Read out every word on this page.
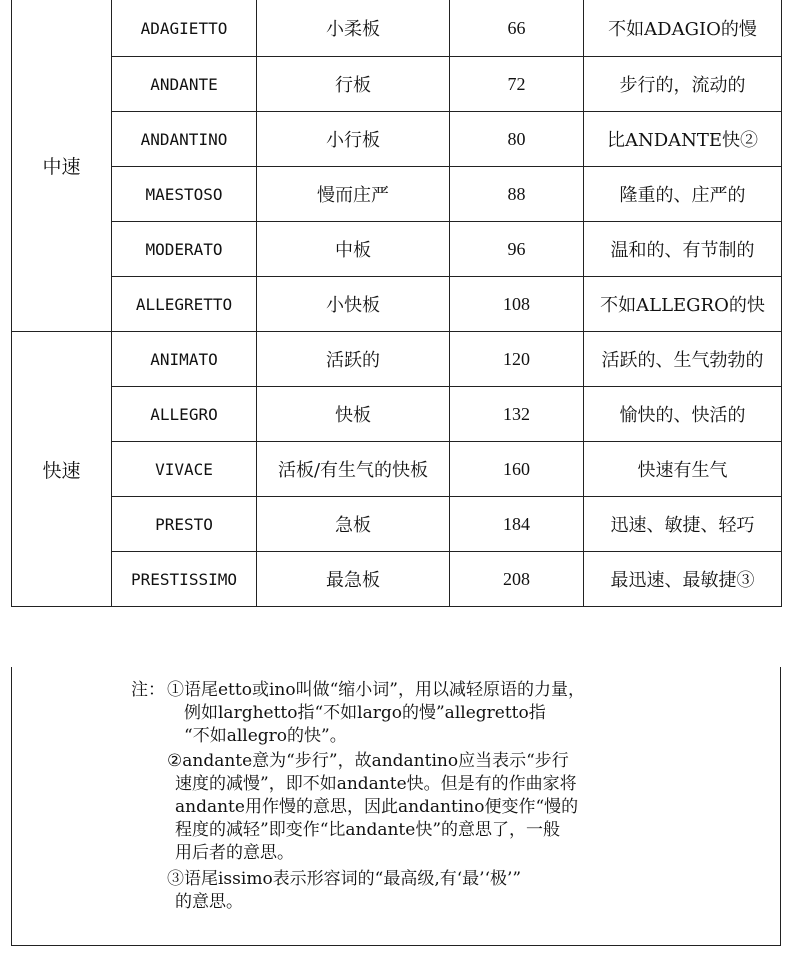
中速	ADAGIETTO	小柔板	66	不如ADAGIO的慢
	ANDANTE	行板	72	步行的，流动的
	ANDANTINO	小行板	80	比ANDANTE快②
	MAESTOSO	慢而庄严	88	隆重的、庄严的
	MODERATO	中板	96	温和的、有节制的
	ALLEGRETTO	小快板	108	不如ALLEGRO的快
快速	ANIMATO	活跃的	120	活跃的、生气勃勃的
	ALLEGRO	快板	132	愉快的、快活的
	VIVACE	活板/有生气的快板	160	快速有生气
	PRESTO	急板	184	迅速、敏捷、轻巧
	PRESTISSIMO	最急板	208	最迅速、最敏捷③
注： ①语尾etto或ino叫做“缩小词”，用以减轻原语的力量，
例如larghetto指“不如largo的慢”allegretto指
“不如allegro的快”。
②andante意为“步行”，故andantino应当表示“步行
速度的减慢”，即不如andante快。但是有的作曲家将
andante用作慢的意思，因此andantino便变作“慢的
程度的减轻”即变作“比andante快”的意思了，一般
用后者的意思。
③语尾issimo表示形容词的“最高级,有‘最’‘极’”
的意思。
